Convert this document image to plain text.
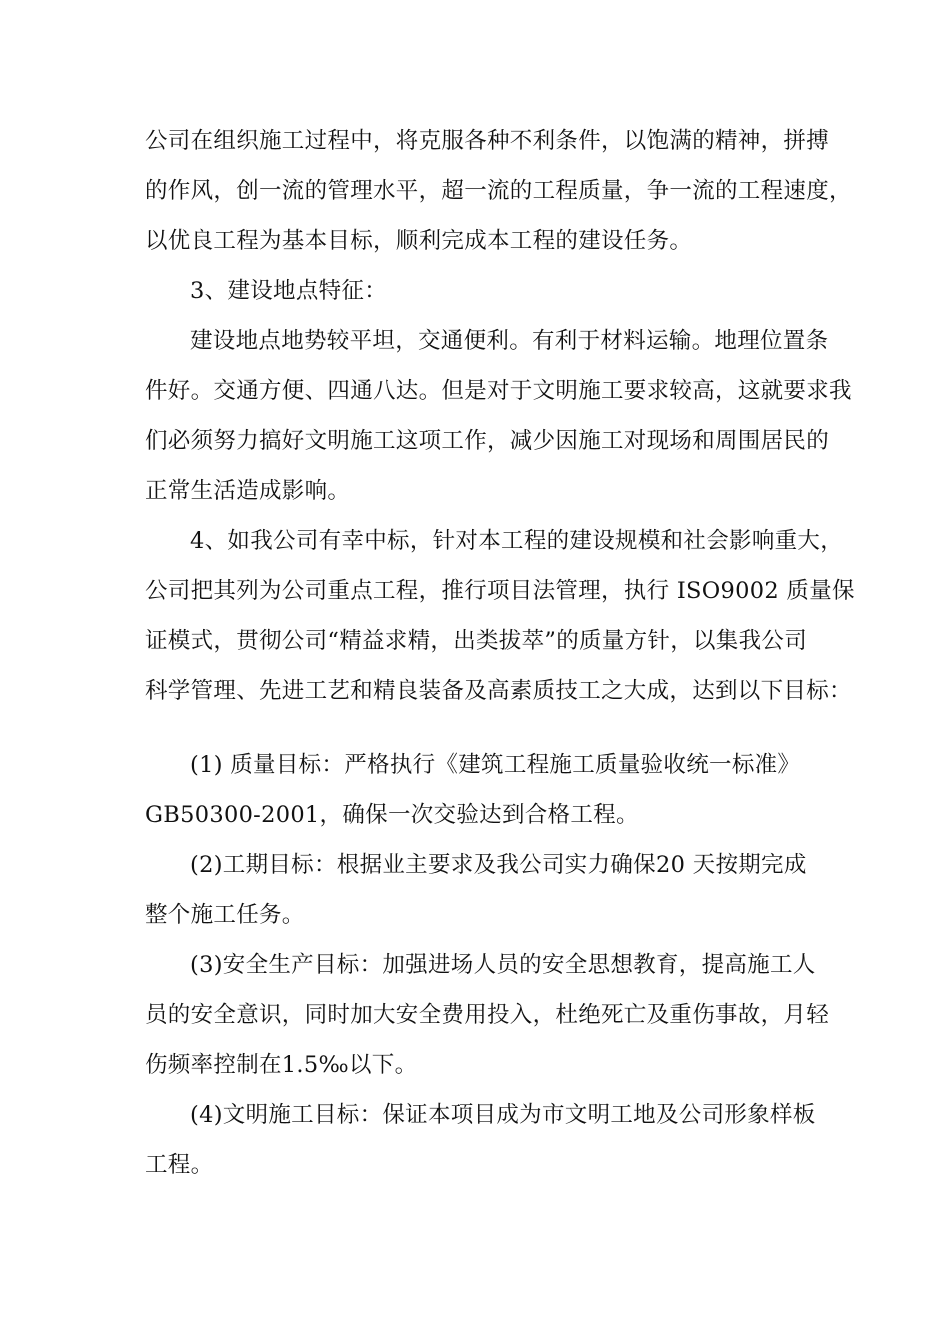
公司在组织施工过程中，将克服各种不利条件，以饱满的精神，拼搏
的作风，创一流的管理水平，超一流的工程质量，争一流的工程速度，
以优良工程为基本目标，顺利完成本工程的建设任务。
3、建设地点特征：
建设地点地势较平坦，交通便利。有利于材料运输。地理位置条
件好。交通方便、四通八达。但是对于文明施工要求较高，这就要求我
们必须努力搞好文明施工这项工作，减少因施工对现场和周围居民的
正常生活造成影响。
4、如我公司有幸中标，针对本工程的建设规模和社会影响重大，
公司把其列为公司重点工程，推行项目法管理，执行 ISO9002 质量保
证模式，贯彻公司“精益求精，出类拔萃”的质量方针，以集我公司
科学管理、先进工艺和精良装备及高素质技工之大成，达到以下目标：
(1) 质量目标：严格执行《建筑工程施工质量验收统一标准》
GB50300-2001，确保一次交验达到合格工程。
(2)工期目标：根据业主要求及我公司实力确保20 天按期完成
整个施工任务。
(3)安全生产目标：加强进场人员的安全思想教育，提高施工人
员的安全意识，同时加大安全费用投入，杜绝死亡及重伤事故，月轻
伤频率控制在1.5‰以下。
(4)文明施工目标：保证本项目成为市文明工地及公司形象样板
工程。
